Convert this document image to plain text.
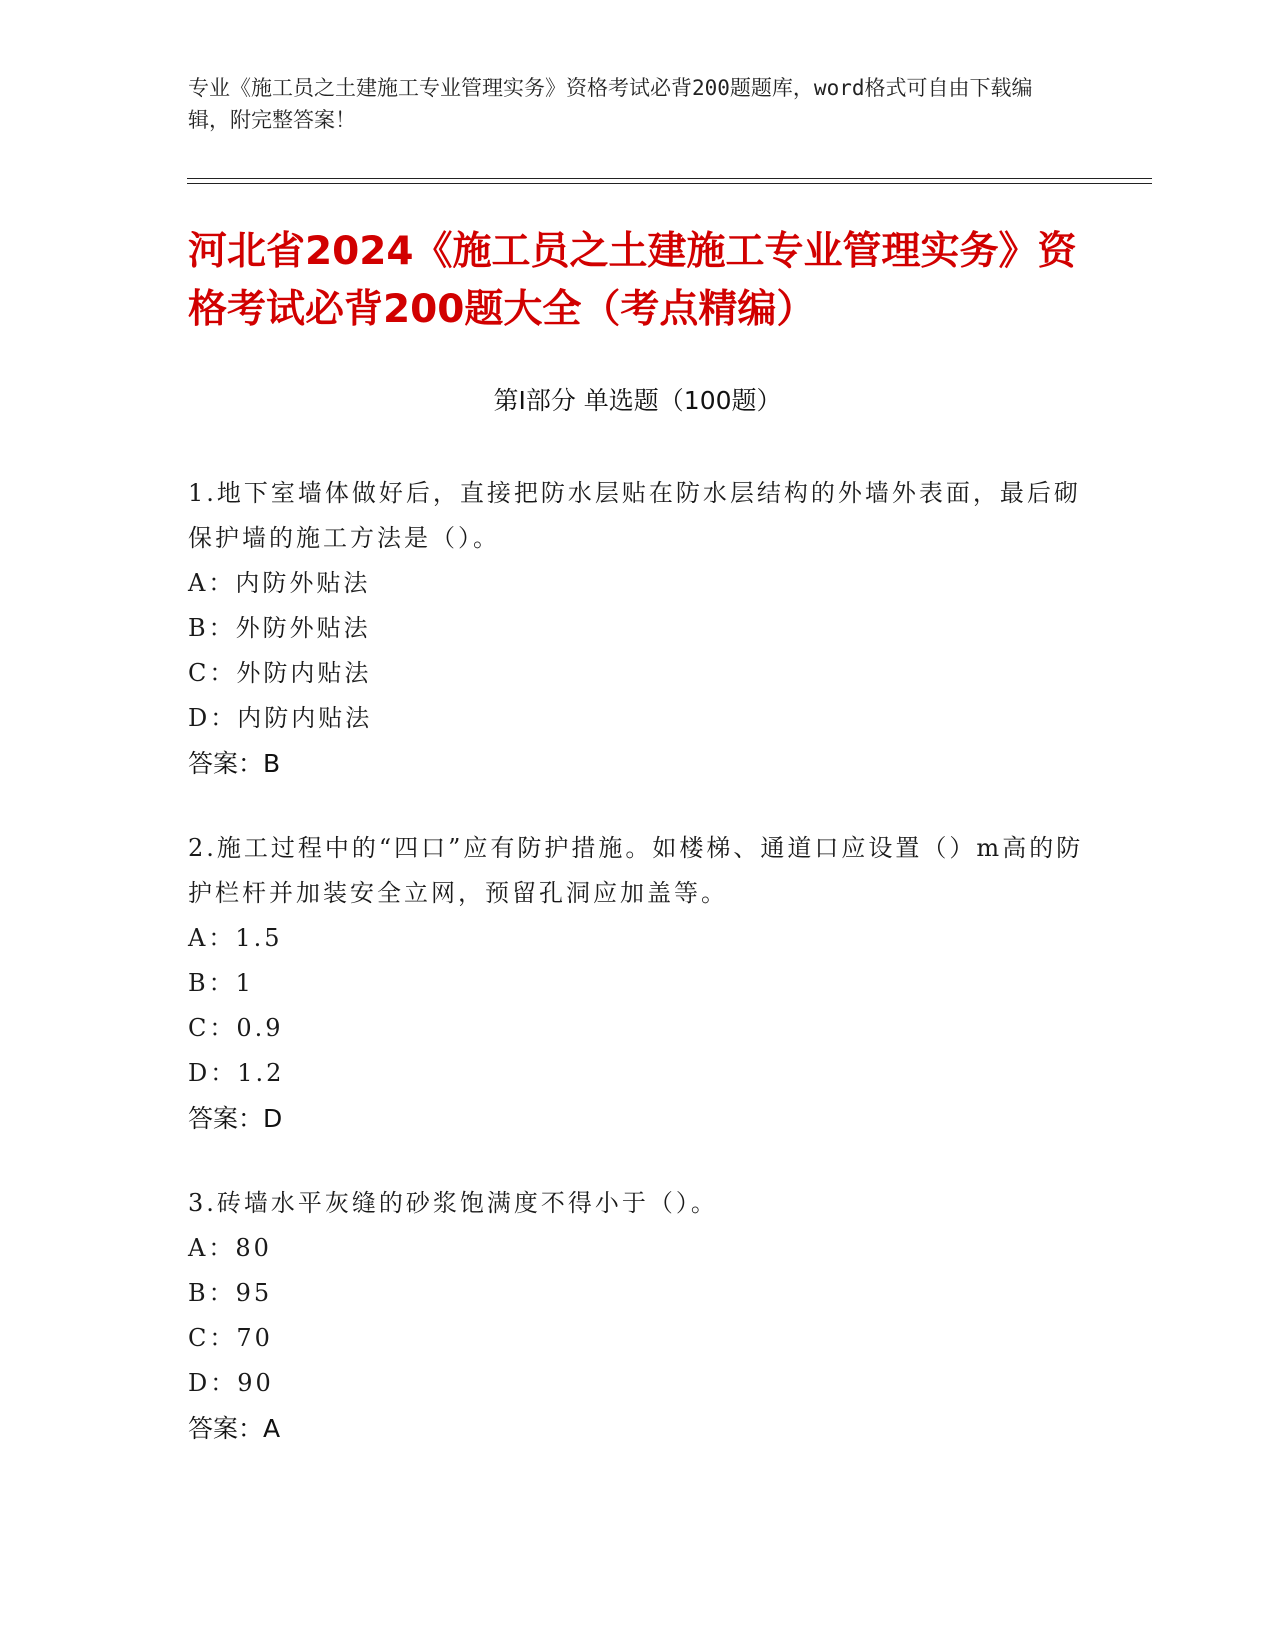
专业《施工员之土建施工专业管理实务》资格考试必背200题题库，word格式可自由下载编辑，附完整答案！
河北省2024《施工员之土建施工专业管理实务》资格考试必背200题大全（考点精编）
第Ⅰ部分 单选题（100题）
1.地下室墙体做好后，直接把防水层贴在防水层结构的外墙外表面，最后砌保护墙的施工方法是（）。
A：内防外贴法
B：外防外贴法
C：外防内贴法
D：内防内贴法
答案：B
2.施工过程中的“四口”应有防护措施。如楼梯、通道口应设置（）m高的防护栏杆并加装安全立网，预留孔洞应加盖等。
A：1.5
B：1
C：0.9
D：1.2
答案：D
3.砖墙水平灰缝的砂浆饱满度不得小于（）。
A：80
B：95
C：70
D：90
答案：A
